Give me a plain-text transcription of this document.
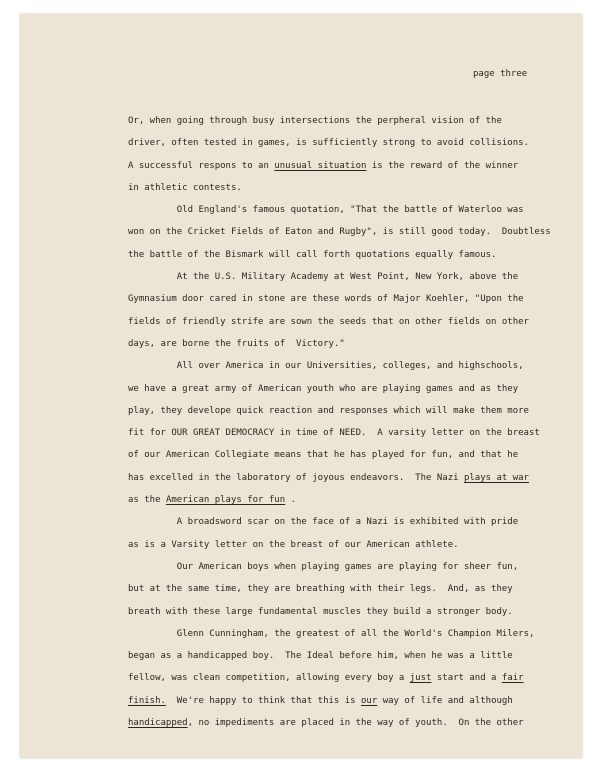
page three
Or, when going through busy intersections the perpheral vision of the
driver, often tested in games, is sufficiently strong to avoid collisions.
A successful respons to an unusual situation is the reward of the winner
in athletic contests.
Old England's famous quotation, "That the battle of Waterloo was
won on the Cricket Fields of Eaton and Rugby", is still good today.  Doubtless
the battle of the Bismark will call forth quotations equally famous.
At the U.S. Military Academy at West Point, New York, above the
Gymnasium door cared in stone are these words of Major Koehler, "Upon the
fields of friendly strife are sown the seeds that on other fields on other
days, are borne the fruits of  Victory."
All over America in our Universities, colleges, and highschools,
we have a great army of American youth who are playing games and as they
play, they develope quick reaction and responses which will make them more
fit for OUR GREAT DEMOCRACY in time of NEED.  A varsity letter on the breast
of our American Collegiate means that he has played for fun, and that he
has excelled in the laboratory of joyous endeavors.  The Nazi plays at war
as the American plays for fun .
A broadsword scar on the face of a Nazi is exhibited with pride
as is a Varsity letter on the breast of our American athlete.
Our American boys when playing games are playing for sheer fun,
but at the same time, they are breathing with their legs.  And, as they
breath with these large fundamental muscles they build a stronger body.
Glenn Cunningham, the greatest of all the World's Champion Milers,
began as a handicapped boy.  The Ideal before him, when he was a little
fellow, was clean competition, allowing every boy a just start and a fair
finish.  We're happy to think that this is our way of life and although
handicapped, no impediments are placed in the way of youth.  On the other
